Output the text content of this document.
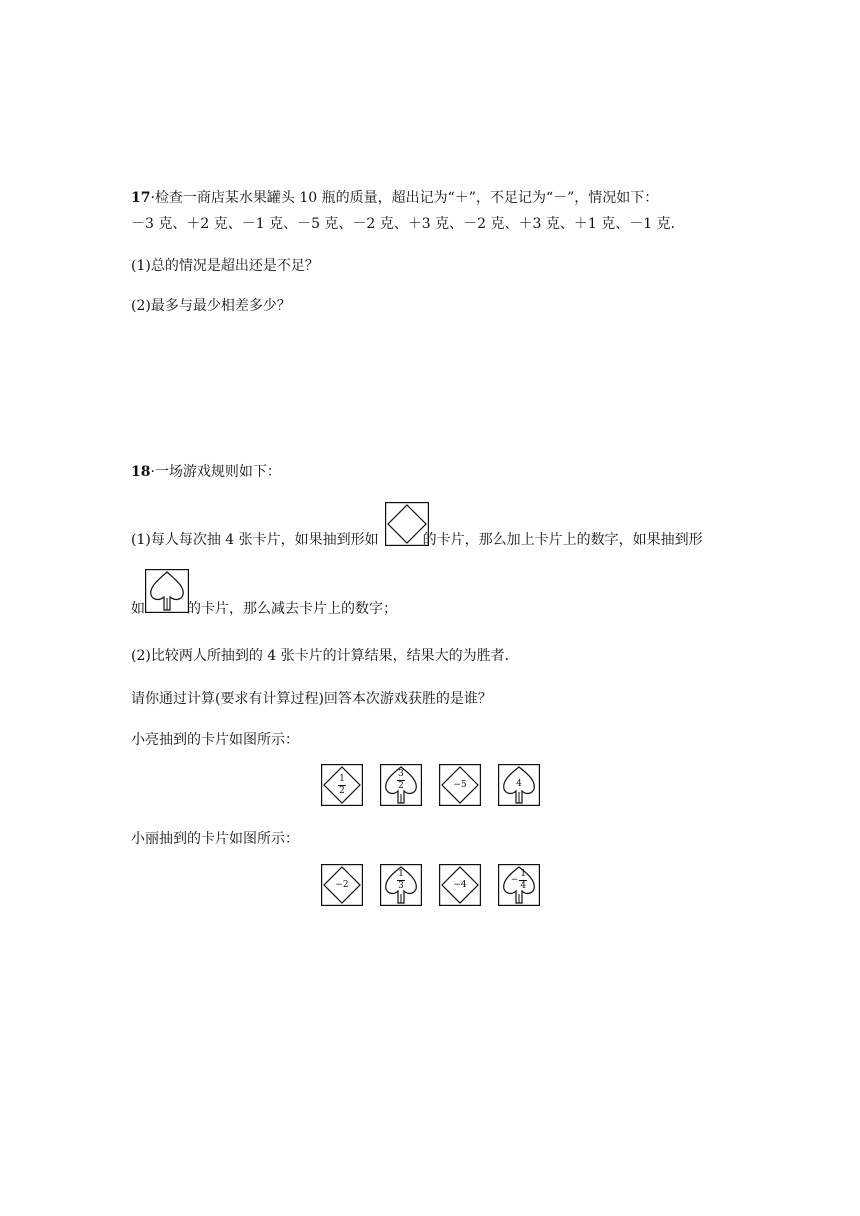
17·检查一商店某水果罐头 10 瓶的质量，超出记为“＋”，不足记为“－”，情况如下：
－3 克、＋2 克、－1 克、－5 克、－2 克、＋3 克、－2 克、＋3 克、＋1 克、－1 克．
(1)总的情况是超出还是不足？
(2)最多与最少相差多少？
18·一场游戏规则如下：
(1)每人每次抽 4 张卡片，如果抽到形如	的卡片，那么加上卡片上的数字，如果抽到形
如	的卡片，那么减去卡片上的数字；
(2)比较两人所抽到的 4 张卡片的计算结果，结果大的为胜者．
请你通过计算(要求有计算过程)回答本次游戏获胜的是谁？
小亮抽到的卡片如图所示：
1
2
3
2	−5	4
小丽抽到的卡片如图所示：
−2
1
3	−4	−
1
4
